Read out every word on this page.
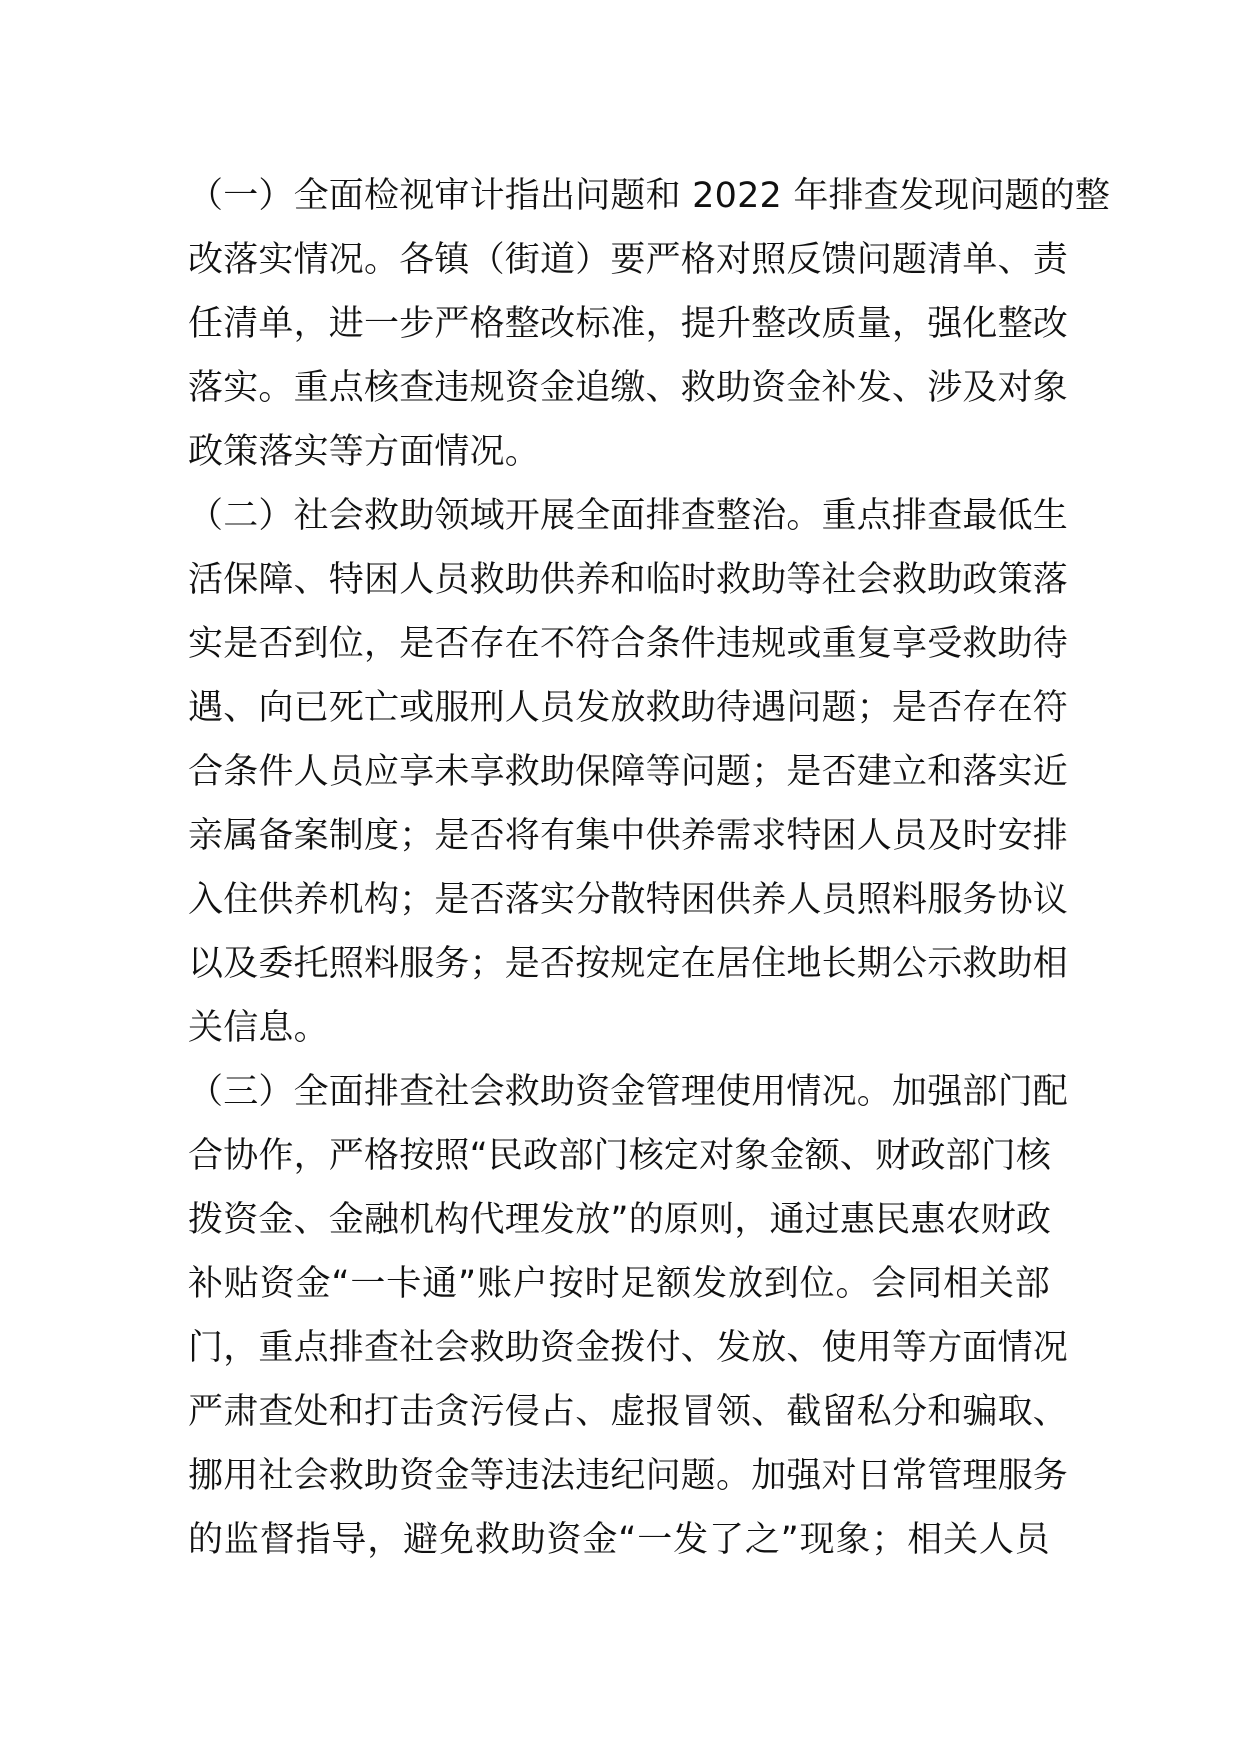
（一）全面检视审计指出问题和 2022 年排查发现问题的整
改落实情况。各镇（街道）要严格对照反馈问题清单、责
任清单，进一步严格整改标准，提升整改质量，强化整改
落实。重点核查违规资金追缴、救助资金补发、涉及对象
政策落实等方面情况。
（二）社会救助领域开展全面排查整治。重点排查最低生
活保障、特困人员救助供养和临时救助等社会救助政策落
实是否到位，是否存在不符合条件违规或重复享受救助待
遇、向已死亡或服刑人员发放救助待遇问题；是否存在符
合条件人员应享未享救助保障等问题；是否建立和落实近
亲属备案制度；是否将有集中供养需求特困人员及时安排
入住供养机构；是否落实分散特困供养人员照料服务协议
以及委托照料服务；是否按规定在居住地长期公示救助相
关信息。
（三）全面排查社会救助资金管理使用情况。加强部门配
合协作，严格按照“民政部门核定对象金额、财政部门核
拨资金、金融机构代理发放”的原则，通过惠民惠农财政
补贴资金“一卡通”账户按时足额发放到位。会同相关部
门，重点排查社会救助资金拨付、发放、使用等方面情况
严肃查处和打击贪污侵占、虚报冒领、截留私分和骗取、
挪用社会救助资金等违法违纪问题。加强对日常管理服务
的监督指导，避免救助资金“一发了之”现象；相关人员
